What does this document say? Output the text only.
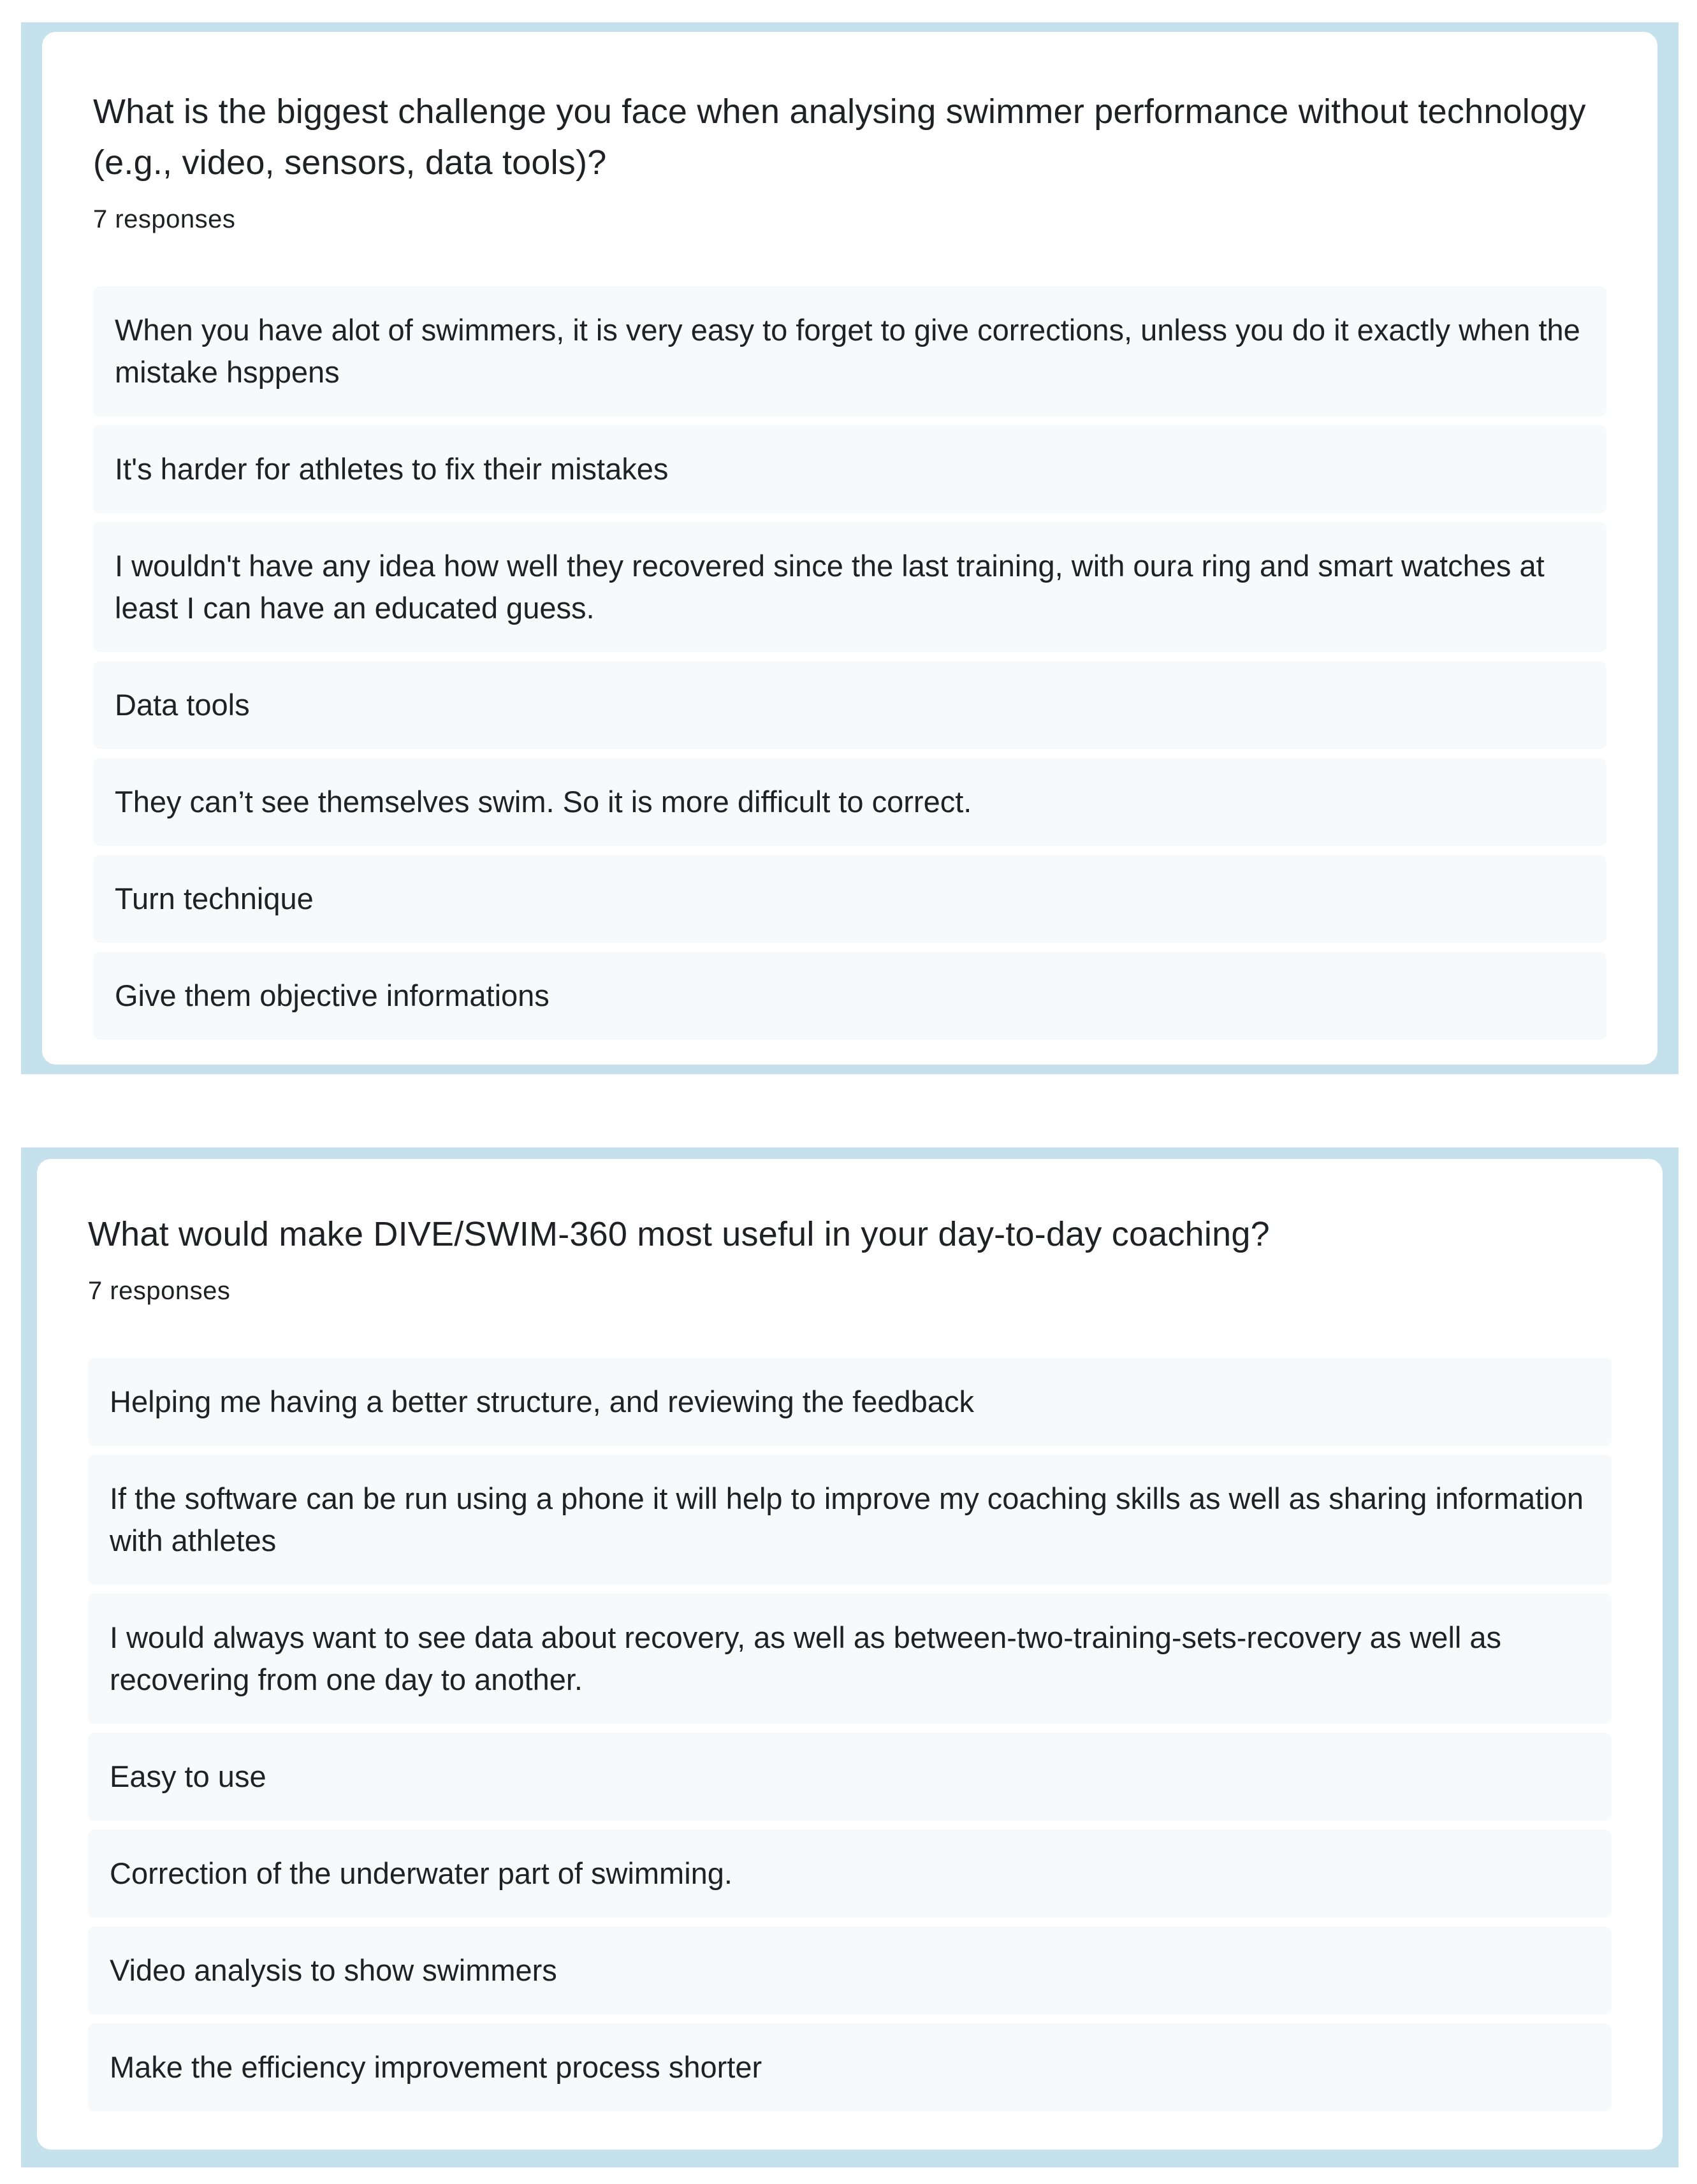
What is the biggest challenge you face when analysing swimmer performance without technology (e.g., video, sensors, data tools)?
7 responses
When you have alot of swimmers, it is very easy to forget to give corrections, unless you do it exactly when the mistake hsppens
It's harder for athletes to fix their mistakes
I wouldn't have any idea how well they recovered since the last training, with oura ring and smart watches at least I can have an educated guess.
Data tools
They can’t see themselves swim. So it is more difficult to correct.
Turn technique
Give them objective informations
What would make DIVE/SWIM-360 most useful in your day-to-day coaching?
7 responses
Helping me having a better structure, and reviewing the feedback
If the software can be run using a phone it will help to improve my coaching skills as well as sharing information with athletes
I would always want to see data about recovery, as well as between-two-training-sets-recovery as well as recovering from one day to another.
Easy to use
Correction of the underwater part of swimming.
Video analysis to show swimmers
Make the efficiency improvement process shorter
